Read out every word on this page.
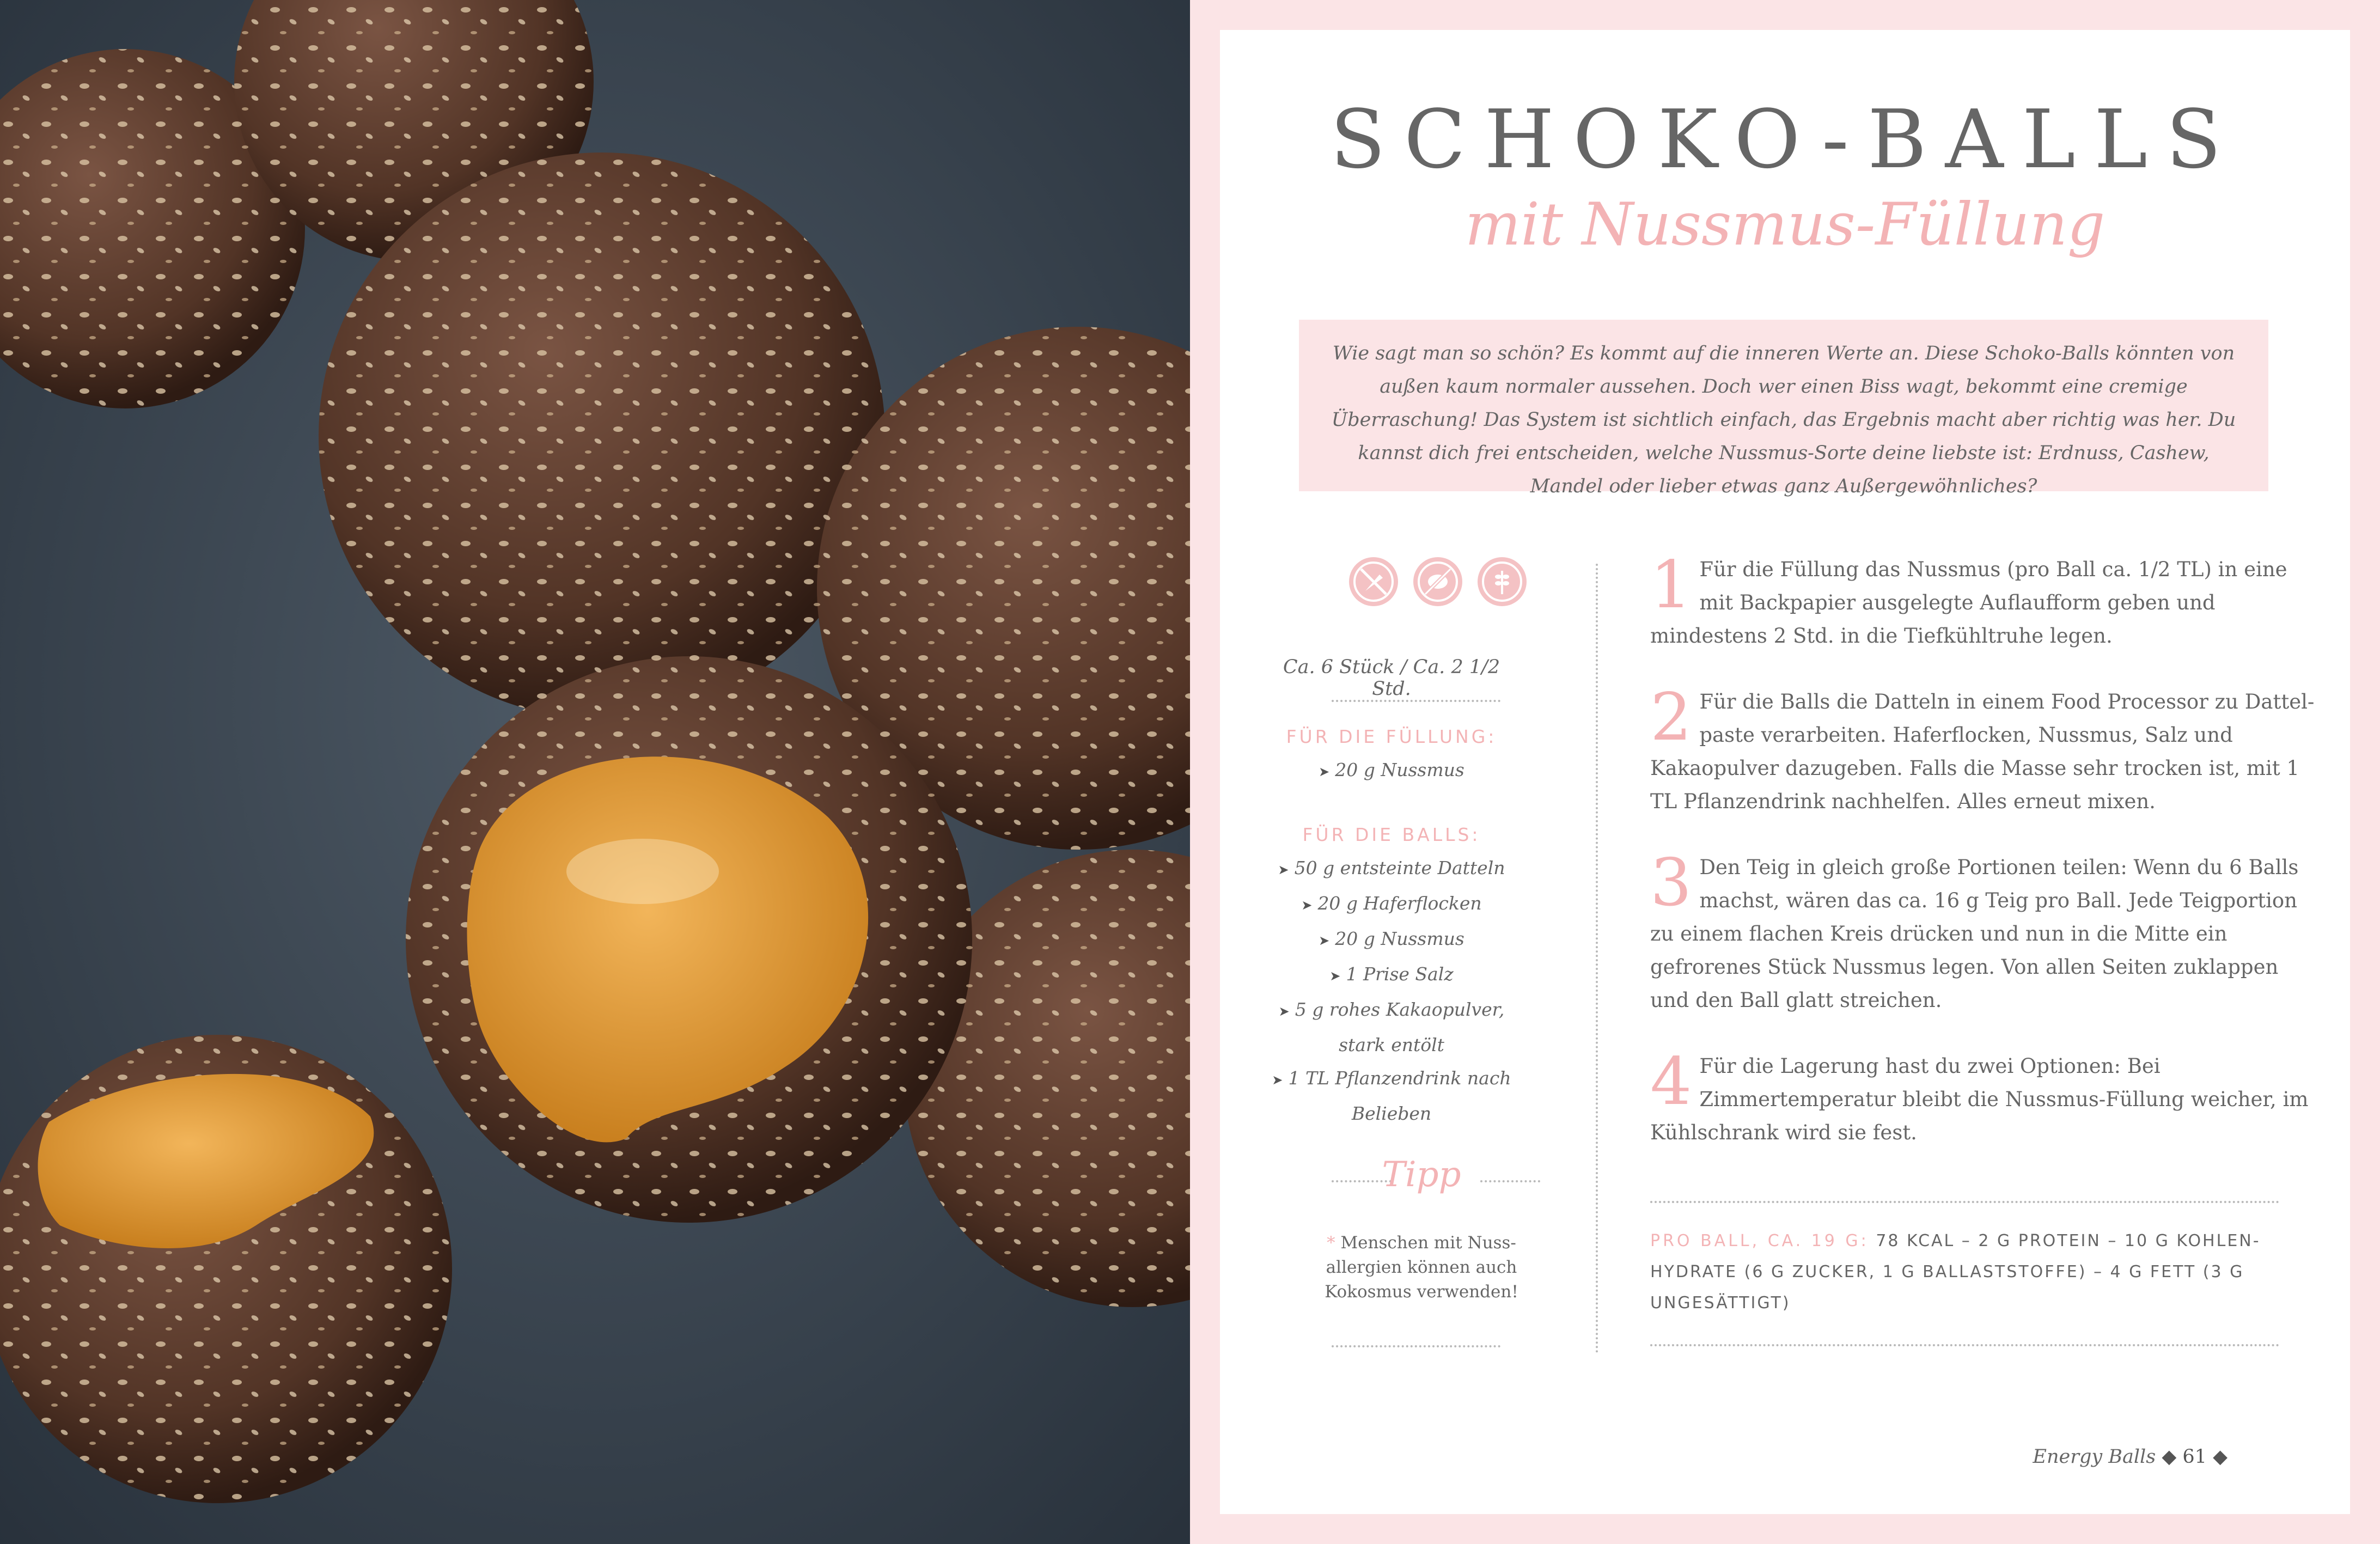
SCHOKO-BALLS
mit Nussmus-Füllung
Wie sagt man so schön? Es kommt auf die inneren Werte an. Diese Schoko-Balls könnten von außen kaum normaler aussehen. Doch wer einen Biss wagt, bekommt eine cremige Überraschung! Das System ist sichtlich einfach, das Ergebnis macht aber richtig was her. Du kannst dich frei entscheiden, welche Nussmus-Sorte deine liebste ist: Erdnuss, Cashew, Mandel oder lieber etwas ganz Außergewöhnliches?
Ca. 6 Stück / Ca. 2 1/2 Std.
FÜR DIE FÜLLUNG:
➤ 20 g Nussmus
FÜR DIE BALLS:
➤ 50 g entsteinte Datteln
➤ 20 g Haferflocken
➤ 20 g Nussmus
➤ 1 Prise Salz
➤ 5 g rohes Kakaopulver, stark entölt
➤ 1 TL Pflanzendrink nach Belieben
Tipp
* Menschen mit Nuss-allergien können auch Kokosmus verwenden!
1 Für die Füllung das Nussmus (pro Ball ca. 1/2 TL) in eine mit Backpapier ausgelegte Auflaufform geben und mindestens 2 Std. in die Tiefkühltruhe legen.
2 Für die Balls die Datteln in einem Food Processor zu Dattel-paste verarbeiten. Haferflocken, Nussmus, Salz und Kakaopulver dazugeben. Falls die Masse sehr trocken ist, mit 1 TL Pflanzendrink nachhelfen. Alles erneut mixen.
3 Den Teig in gleich große Portionen teilen: Wenn du 6 Balls machst, wären das ca. 16 g Teig pro Ball. Jede Teigportion zu einem flachen Kreis drücken und nun in die Mitte ein gefrorenes Stück Nussmus legen. Von allen Seiten zuklappen und den Ball glatt streichen.
4 Für die Lagerung hast du zwei Optionen: Bei Zimmertemperatur bleibt die Nussmus-Füllung weicher, im Kühlschrank wird sie fest.
PRO BALL, CA. 19 G: 78 KCAL – 2 G PROTEIN – 10 G KOHLEN-HYDRATE (6 G ZUCKER, 1 G BALLASTSTOFFE) – 4 G FETT (3 G UNGESÄTTIGT)
Energy Balls ◆ 61 ◆
